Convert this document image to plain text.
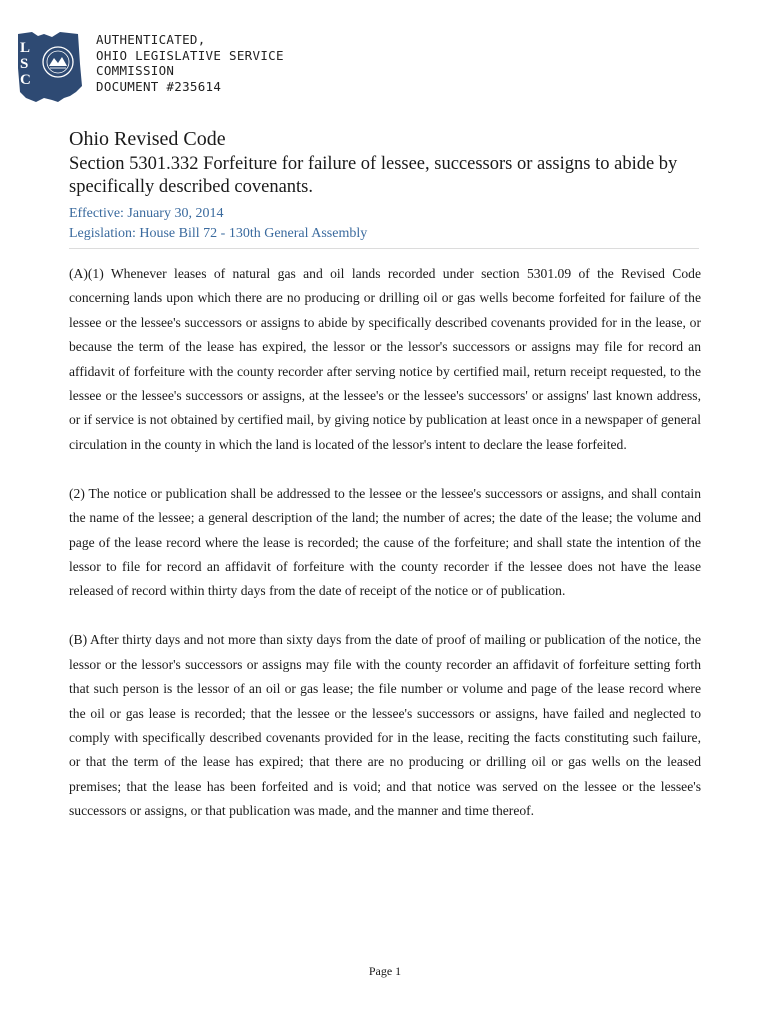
L
S
C
AUTHENTICATED,
OHIO LEGISLATIVE SERVICE
COMMISSION
DOCUMENT #235614
Ohio Revised Code
Section 5301.332 Forfeiture for failure of lessee, successors or assigns to abide by specifically described covenants.
Effective: January 30, 2014
Legislation: House Bill 72 - 130th General Assembly

(A)(1) Whenever leases of natural gas and oil lands recorded under section 5301.09 of the Revised Code concerning lands upon which there are no producing or drilling oil or gas wells become forfeited for failure of the lessee or the lessee's successors or assigns to abide by specifically described covenants provided for in the lease, or because the term of the lease has expired, the lessor or the lessor's successors or assigns may file for record an affidavit of forfeiture with the county recorder after serving notice by certified mail, return receipt requested, to the lessee or the lessee's successors or assigns, at the lessee's or the lessee's successors' or assigns' last known address, or if service is not obtained by certified mail, by giving notice by publication at least once in a newspaper of general circulation in the county in which the land is located of the lessor's intent to declare the lease forfeited.

(2) The notice or publication shall be addressed to the lessee or the lessee's successors or assigns, and shall contain the name of the lessee; a general description of the land; the number of acres; the date of the lease; the volume and page of the lease record where the lease is recorded; the cause of the forfeiture; and shall state the intention of the lessor to file for record an affidavit of forfeiture with the county recorder if the lessee does not have the lease released of record within thirty days from the date of receipt of the notice or of publication.

(B) After thirty days and not more than sixty days from the date of proof of mailing or publication of the notice, the lessor or the lessor's successors or assigns may file with the county recorder an affidavit of forfeiture setting forth that such person is the lessor of an oil or gas lease; the file number or volume and page of the lease record where the oil or gas lease is recorded; that the lessee or the lessee's successors or assigns, have failed and neglected to comply with specifically described covenants provided for in the lease, reciting the facts constituting such failure, or that the term of the lease has expired; that there are no producing or drilling oil or gas wells on the leased premises; that the lease has been forfeited and is void; and that notice was served on the lessee or the lessee's successors or assigns, or that publication was made, and the manner and time thereof.

Page 1
